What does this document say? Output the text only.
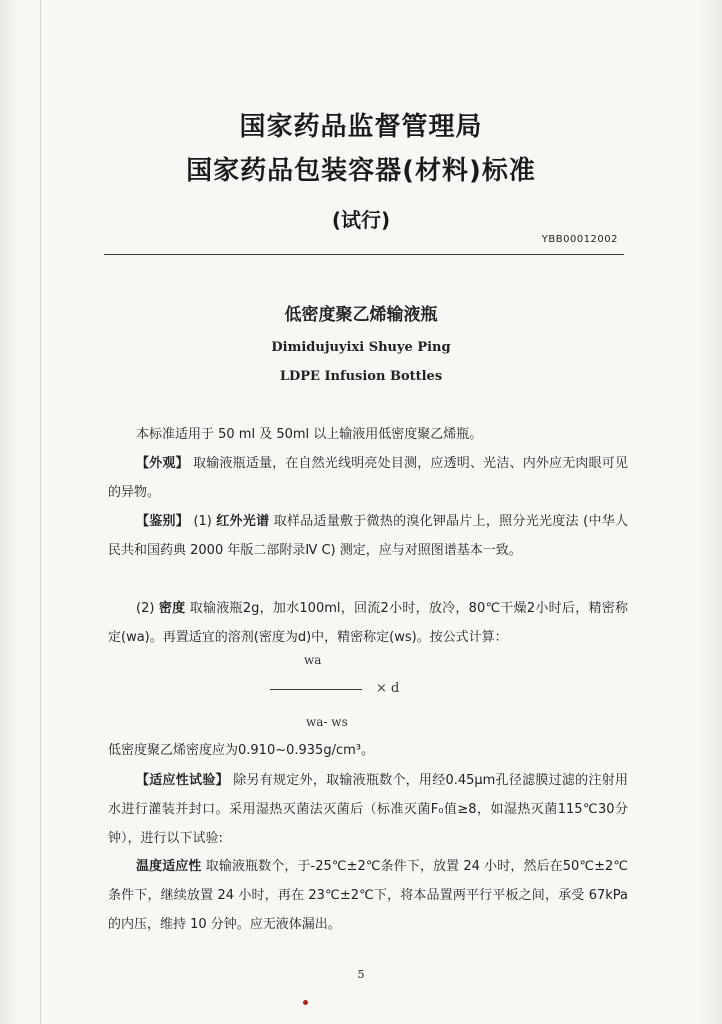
国家药品监督管理局
国家药品包装容器(材料)标准
(试行)
YBB00012002
低密度聚乙烯输液瓶
Dimidujuyixi Shuye Ping
LDPE Infusion Bottles
本标准适用于 50 ml 及 50ml 以上输液用低密度聚乙烯瓶。
【外观】 取输液瓶适量，在自然光线明亮处目测，应透明、光洁、内外应无肉眼可见的异物。
【鉴别】 (1) 红外光谱 取样品适量敷于微热的溴化钾晶片上，照分光光度法 (中华人民共和国药典 2000 年版二部附录Ⅳ C) 测定，应与对照图谱基本一致。
(2) 密度 取输液瓶2g，加水100ml，回流2小时，放冷，80℃干燥2小时后，精密称定(wa)。再置适宜的溶剂(密度为d)中，精密称定(ws)。按公式计算：
wa
× d
wa- ws
低密度聚乙烯密度应为0.910~0.935g/cm³。
【适应性试验】 除另有规定外，取输液瓶数个，用经0.45μm孔径滤膜过滤的注射用水进行灌装并封口。采用湿热灭菌法灭菌后（标准灭菌F₀值≥8，如湿热灭菌115℃30分钟），进行以下试验:
温度适应性 取输液瓶数个，于-25℃±2℃条件下，放置 24 小时，然后在50℃±2℃条件下，继续放置 24 小时，再在 23℃±2℃下，将本品置两平行平板之间，承受 67kPa 的内压，维持 10 分钟。应无液体漏出。
5
